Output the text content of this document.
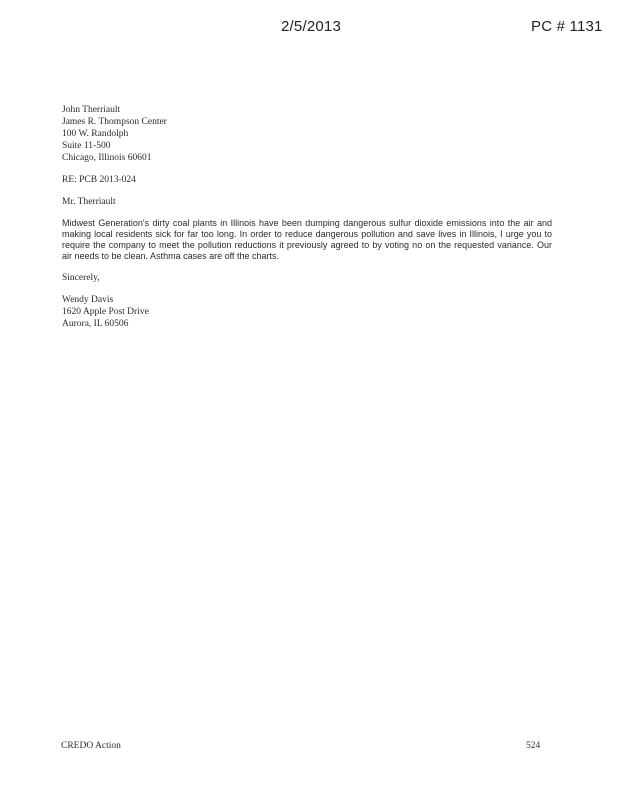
2/5/2013	PC # 1131
John Therriault
James R. Thompson Center
100 W. Randolph
Suite 11-500
Chicago, Illinois 60601
RE: PCB 2013-024
Mr. Therriault
Midwest Generation's dirty coal plants in Illinois have been dumping dangerous sulfur dioxide emissions into the air and making local residents sick for far too long. In order to reduce dangerous pollution and save lives in Illinois, I urge you to require the company to meet the pollution reductions it previously agreed to by voting no on the requested variance. Our air needs to be clean. Asthma cases are off the charts.
Sincerely,
Wendy Davis
1620 Apple Post Drive
Aurora, IL 60506
CREDO Action	524
